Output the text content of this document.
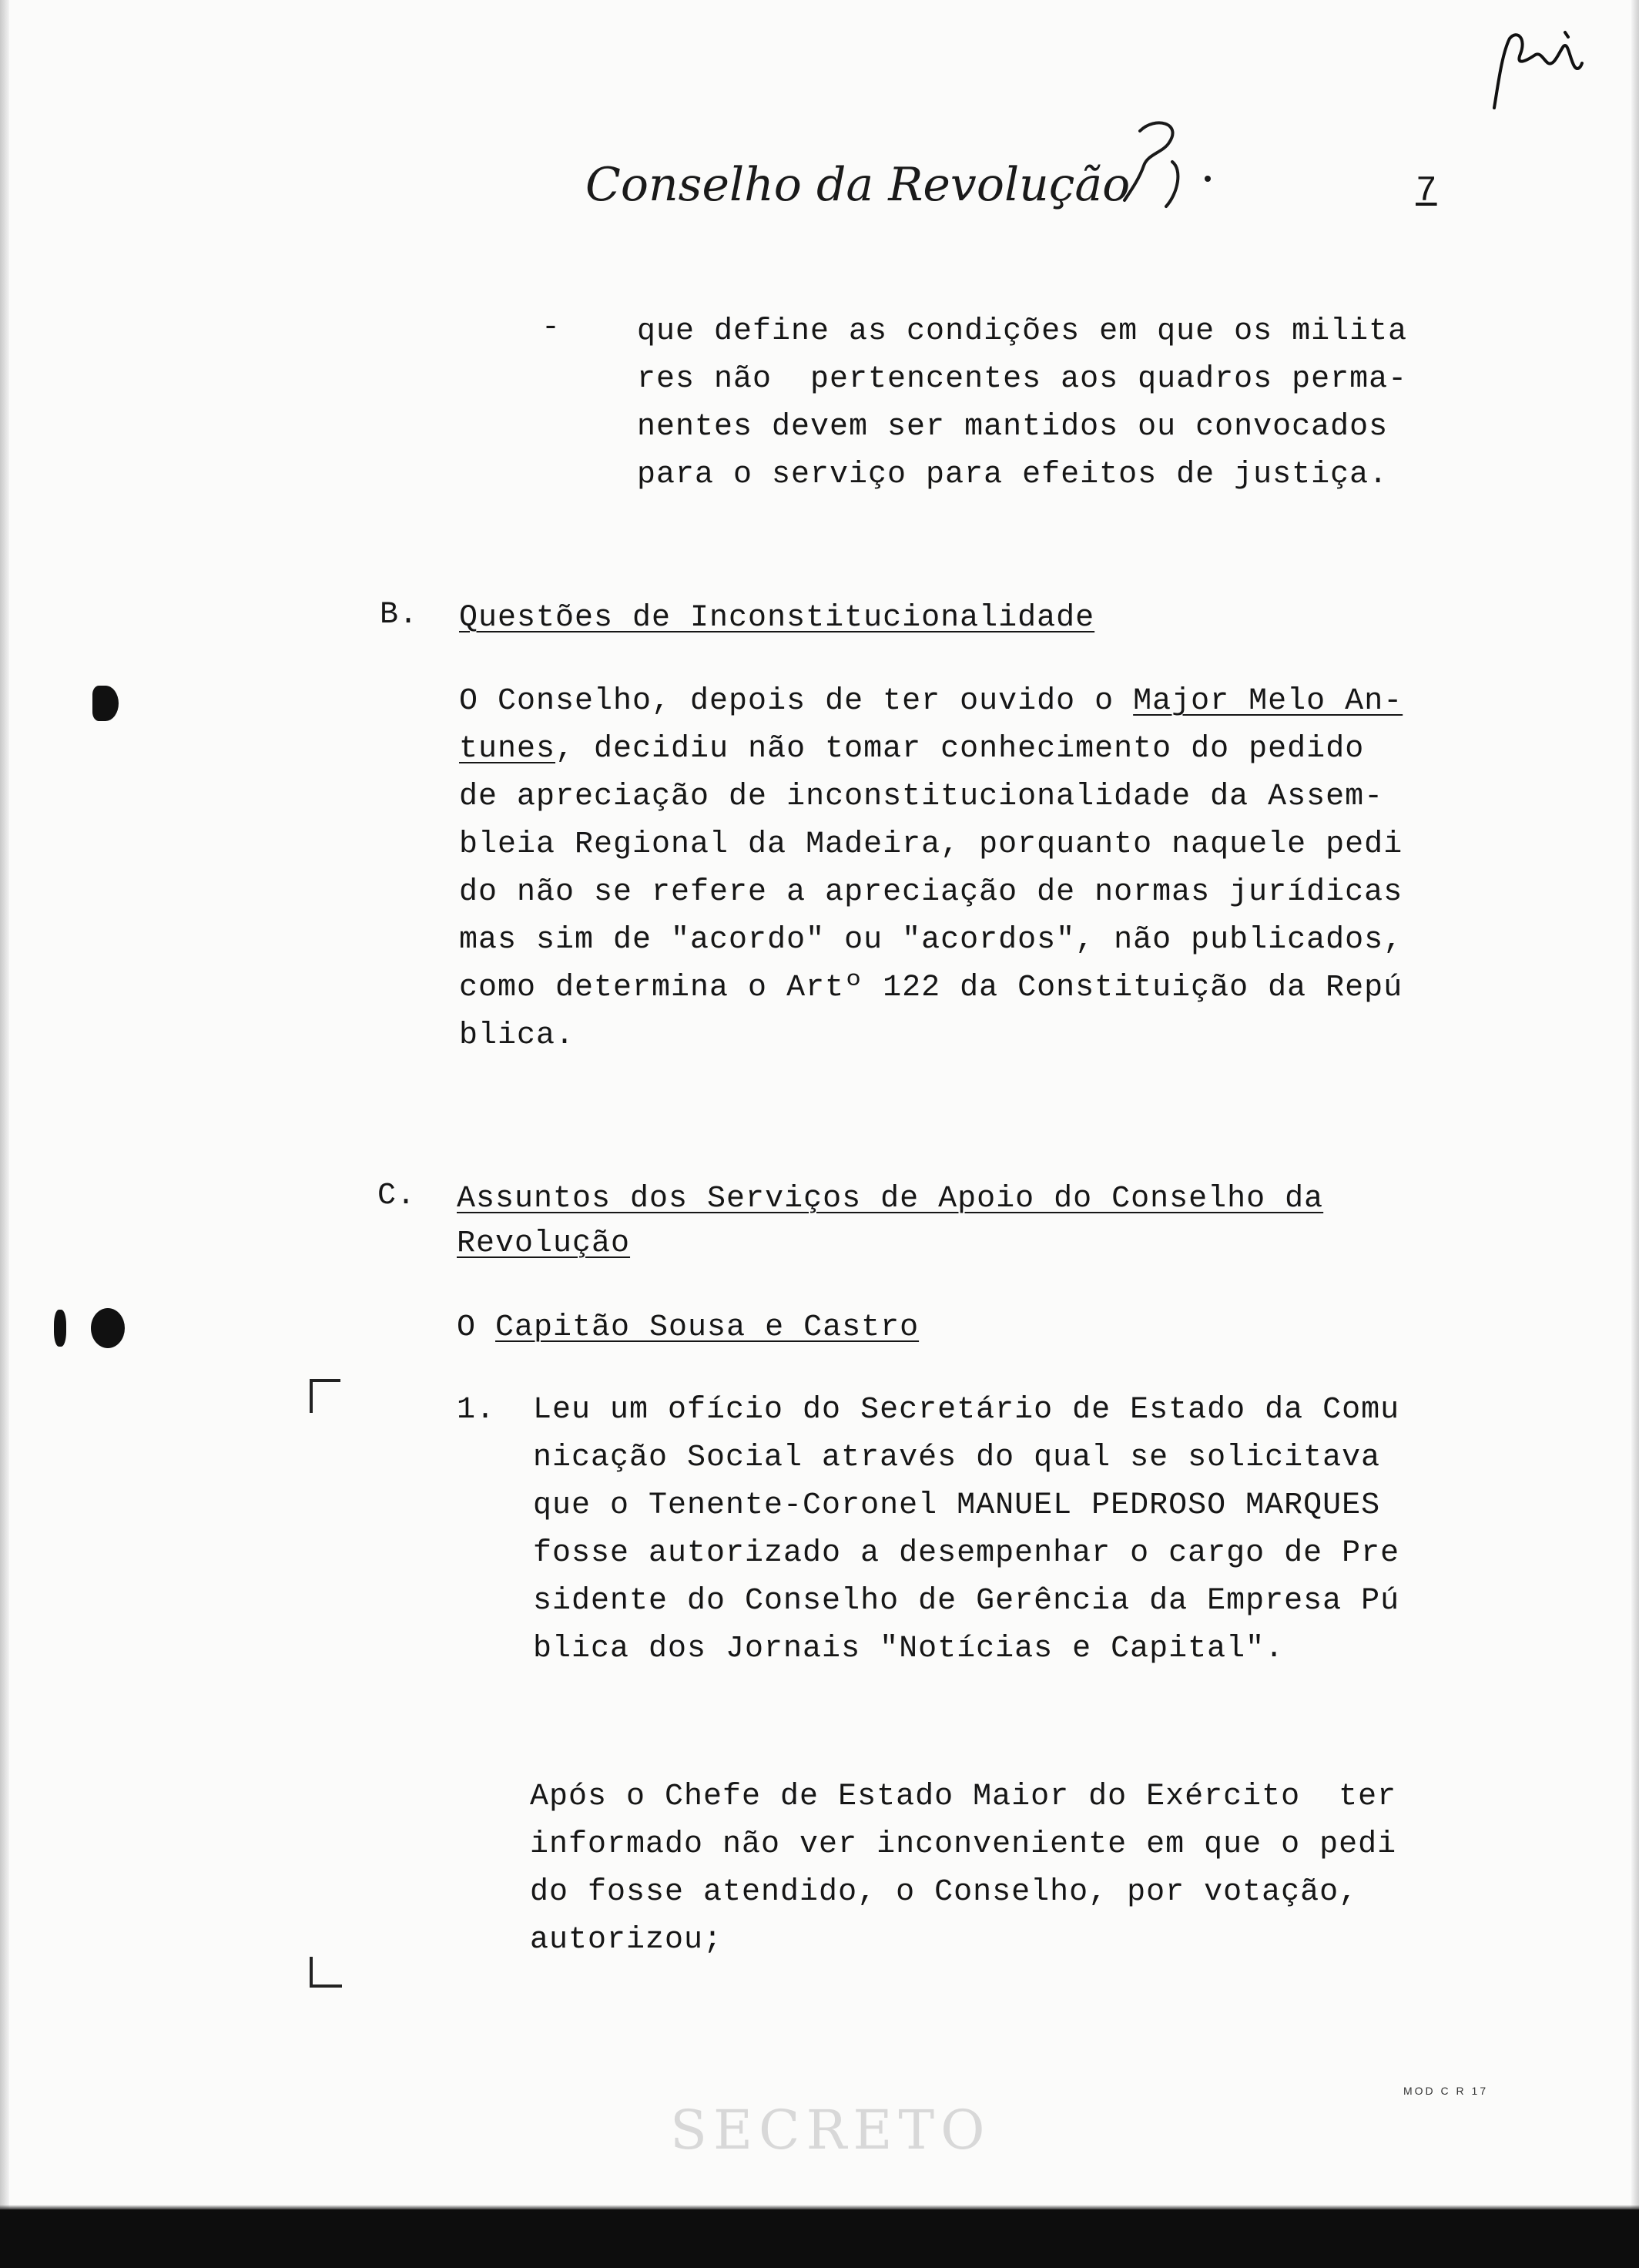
Conselho da Revolução	7
- que define as condições em que os milita
res não  pertencentes aos quadros perma-
nentes devem ser mantidos ou convocados
para o serviço para efeitos de justiça.
B. Questões de Inconstitucionalidade
O Conselho, depois de ter ouvido o Major Melo An-
tunes, decidiu não tomar conhecimento do pedido
de apreciação de inconstitucionalidade da Assem-
bleia Regional da Madeira, porquanto naquele pedi
do não se refere a apreciação de normas jurídicas
mas sim de "acordo" ou "acordos", não publicados,
como determina o Artº 122 da Constituição da Repú
blica.
C. Assuntos dos Serviços de Apoio do Conselho da
Revolução
O Capitão Sousa e Castro
1. Leu um ofício do Secretário de Estado da Comu
nicação Social através do qual se solicitava
que o Tenente-Coronel MANUEL PEDROSO MARQUES
fosse autorizado a desempenhar o cargo de Pre
sidente do Conselho de Gerência da Empresa Pú
blica dos Jornais "Notícias e Capital".
Após o Chefe de Estado Maior do Exército  ter
informado não ver inconveniente em que o pedi
do fosse atendido, o Conselho, por votação,
autorizou;
MOD C R 17
SECRETO
